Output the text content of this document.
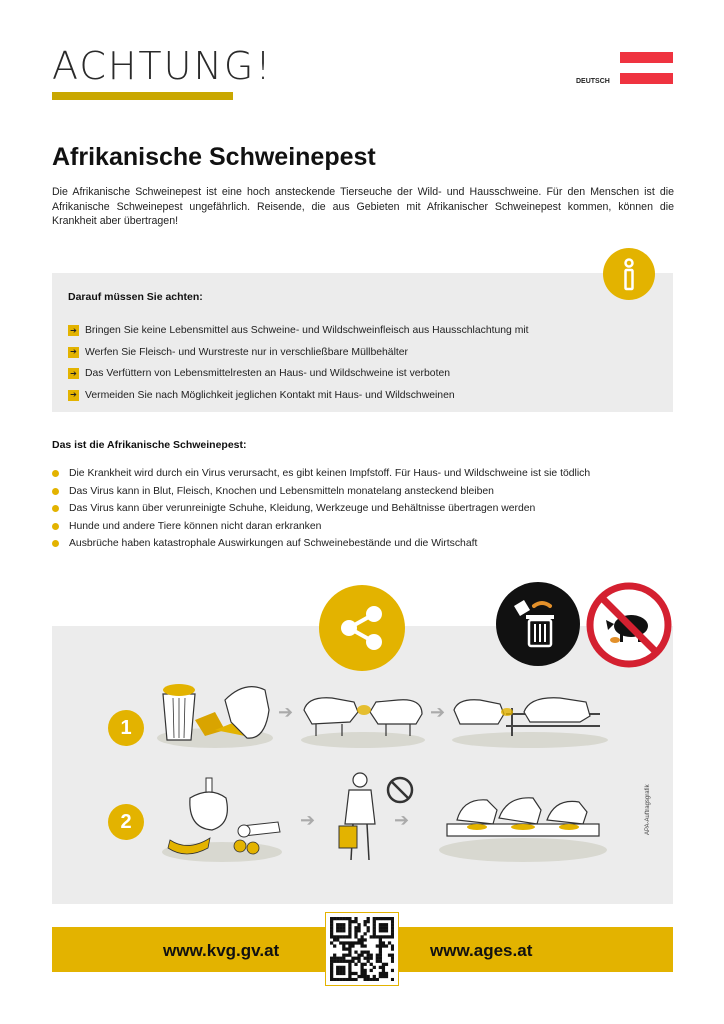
ACHTUNG!	DEUTSCH
Afrikanische Schweinepest

Die Afrikanische Schweinepest ist eine hoch ansteckende Tierseuche der Wild- und Hausschweine. Für den Menschen ist die Afrikanische Schweinepest ungefährlich. Reisende, die aus Gebieten mit Afrikanischer Schweinepest kommen, können die Krankheit aber übertragen!

Darauf müssen Sie achten:
➔ Bringen Sie keine Lebensmittel aus Schweine- und Wildschweinfleisch aus Hausschlachtung mit
➔ Werfen Sie Fleisch- und Wurstreste nur in verschließbare Müllbehälter
➔ Das Verfüttern von Lebensmittelresten an Haus- und Wildschweine ist verboten
➔ Vermeiden Sie nach Möglichkeit jeglichen Kontakt mit Haus- und Wildschweinen
Das ist die Afrikanische Schweinepest:
Die Krankheit wird durch ein Virus verursacht, es gibt keinen Impfstoff. Für Haus- und Wildschweine ist sie tödlich
Das Virus kann in Blut, Fleisch, Knochen und Lebensmitteln monatelang ansteckend bleiben
Das Virus kann über verunreinigte Schuhe, Kleidung, Werkzeuge und Behältnisse übertragen werden
Hunde und andere Tiere können nicht daran erkranken
Ausbrüche haben katastrophale Auswirkungen auf Schweinebestände und die Wirtschaft
1
2
➔	➔
➔	➔	APA-Auftragsgrafik
www.kvg.gv.at	www.ages.at
